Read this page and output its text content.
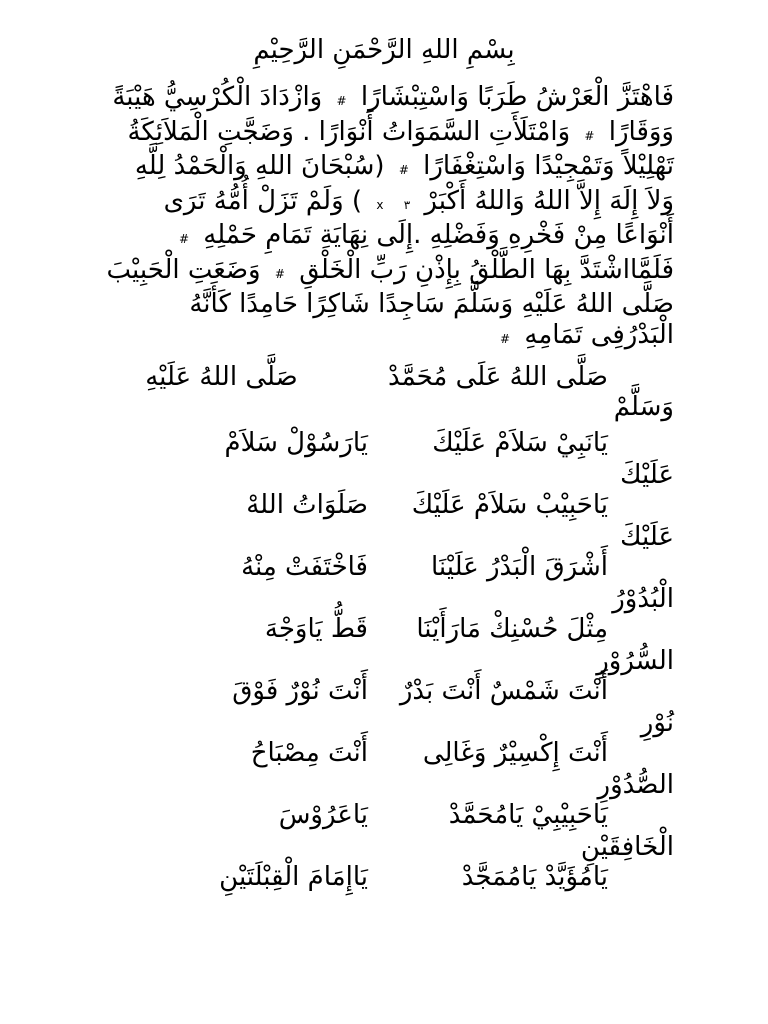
بِسْمِ اللهِ الرَّحْمَنِ الرَّحِيْمِ

فَاهْتَزَّ الْعَرْشُ طَرَبًا وَاسْتِبْشَارًا # وَازْدَادَ الْكُرْسِيُّ هَيْبَةً وَوَقَارًا # وَامْتَلَأَتِ السَّمَوَاتُ أَنْوَارًا . وَضَجَّتِ الْمَلاَئِكَةُ تَهْلِيْلاً وَتَمْجِيْدًا وَاسْتِغْفَارًا # (سُبْحَانَ اللهِ وَالْحَمْدُ لِلَّهِ وَلاَ إِلَهَ إِلاَّ اللهُ وَاللهُ أَكْبَرْ ٣ x ) وَلَمْ تَزَلْ أُمُّهُ تَرَى أَنْوَاعًا مِنْ فَخْرِهِ وَفَضْلِهِ .إِلَى نِهَايَةِ تَمَامِ حَمْلِهِ # فَلَمَّااشْتَدَّ بِهَا الطَّلْقُ بِإِذْنِ رَبِّ الْخَلْقِ # وَضَعَتِ الْحَبِيْبَ صَلَّى اللهُ عَلَيْهِ وَسَلَّمَ سَاجِدًا شَاكِرًا حَامِدًا كَأَنَّهُ الْبَدْرُفِى تَمَامِهِ #

صَلَّى اللهُ عَلَى مُحَمَّدْ صَلَّى اللهُ عَلَيْهِ وَسَلَّمْ
يَانَبِيْ سَلاَمْ عَلَيْكَ
يَارَسُوْلْ سَلاَمْ
عَلَيْكَ
يَاحَبِيْبْ سَلاَمْ عَلَيْكَ
صَلَوَاتُ اللهْ
عَلَيْكَ
أَشْرَقَ الْبَدْرُ عَلَيْنَا
فَاخْتَفَتْ مِنْهُ
الْبُدُوْرُ
مِثْلَ حُسْنِكْ مَارَأَيْنَا
قَطُّ يَاوَجْهَ
السُّرُوْرِ
أَنْتَ شَمْسٌ أَنْتَ بَدْرٌ
أَنْتَ نُوْرٌ فَوْقَ
نُوْرِ
أَنْتَ إِكْسِيْرٌ وَغَالِى
أَنْتَ مِصْبَاحُ
الصُّدُوْرِ
يَاحَبِيْبِيْ يَامُحَمَّدْ
يَاعَرُوْسَ
الْخَافِقَيْنِ
يَامُؤَيَّدْ يَامُمَجَّدْ
يَاإِمَامَ الْقِبْلَتَيْنِ
